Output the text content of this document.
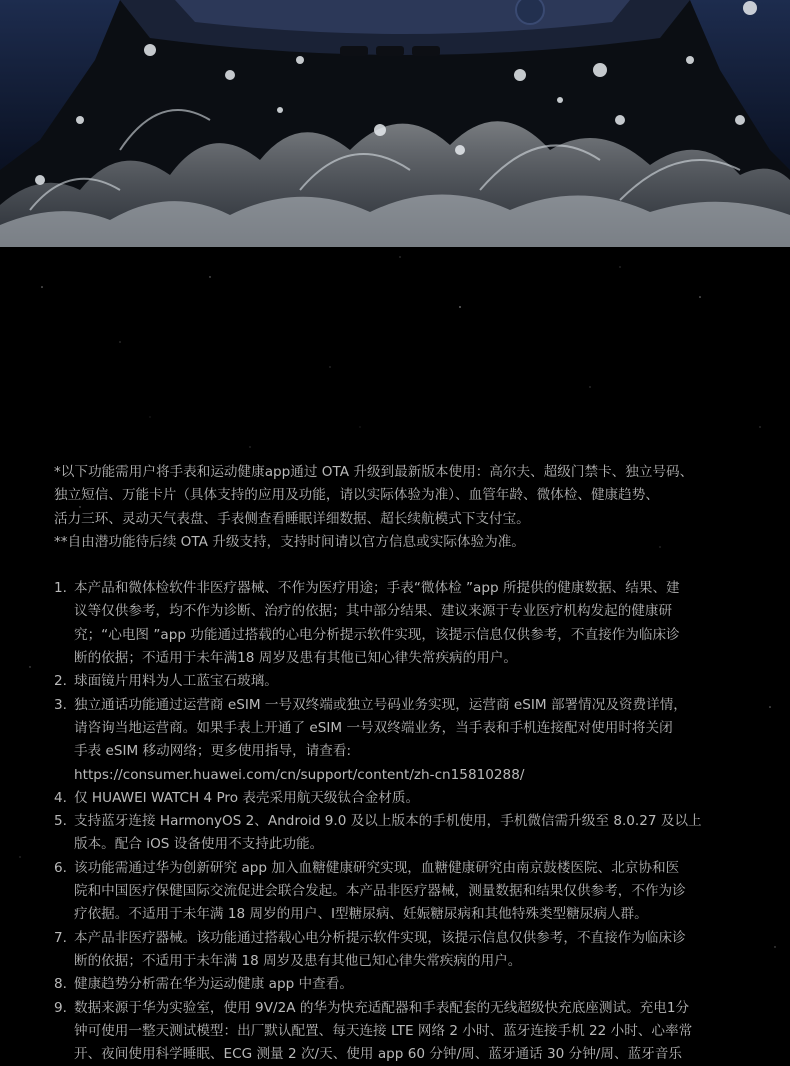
*以下功能需用户将手表和运动健康app通过 OTA 升级到最新版本使用：高尔夫、超级门禁卡、独立号码、

独立短信、万能卡片（具体支持的应用及功能，请以实际体验为准）、血管年龄、微体检、健康趋势、

活力三环、灵动天气表盘、手表侧查看睡眠详细数据、超长续航模式下支付宝。

**自由潜功能待后续 OTA 升级支持，支持时间请以官方信息或实际体验为准。

1. 本产品和微体检软件非医疗器械、不作为医疗用途；手表“微体检 ”app 所提供的健康数据、结果、建

议等仅供参考，均不作为诊断、治疗的依据；其中部分结果、建议来源于专业医疗机构发起的健康研

究；“心电图 ”app 功能通过搭载的心电分析提示软件实现，该提示信息仅供参考，不直接作为临床诊

断的依据；不适用于未年满18 周岁及患有其他已知心律失常疾病的用户。

2. 球面镜片用料为人工蓝宝石玻璃。

3. 独立通话功能通过运营商 eSIM 一号双终端或独立号码业务实现，运营商 eSIM 部署情况及资费详情，

请咨询当地运营商。如果手表上开通了 eSIM 一号双终端业务，当手表和手机连接配对使用时将关闭

手表 eSIM 移动网络；更多使用指导，请查看:

https://consumer.huawei.com/cn/support/content/zh-cn15810288/

4. 仅 HUAWEI WATCH 4 Pro 表壳采用航天级钛合金材质。

5. 支持蓝牙连接 HarmonyOS 2、Android 9.0 及以上版本的手机使用，手机微信需升级至 8.0.27 及以上

版本。配合 iOS 设备使用不支持此功能。

6. 该功能需通过华为创新研究 app 加入血糖健康研究实现，血糖健康研究由南京鼓楼医院、北京协和医

院和中国医疗保健国际交流促进会联合发起。本产品非医疗器械，测量数据和结果仅供参考，不作为诊

疗依据。不适用于未年满 18 周岁的用户、I型糖尿病、妊娠糖尿病和其他特殊类型糖尿病人群。

7. 本产品非医疗器械。该功能通过搭载心电分析提示软件实现，该提示信息仅供参考，不直接作为临床诊

断的依据；不适用于未年满 18 周岁及患有其他已知心律失常疾病的用户。

8. 健康趋势分析需在华为运动健康 app 中查看。

9. 数据来源于华为实验室，使用 9V/2A 的华为快充适配器和手表配套的无线超级快充底座测试。充电1分

钟可使用一整天测试模型：出厂默认配置、每天连接 LTE 网络 2 小时、蓝牙连接手机 22 小时、心率常

开、夜间使用科学睡眠、ECG 测量 2 次/天、使用 app 60 分钟/周、蓝牙通话 30 分钟/周、蓝牙音乐
